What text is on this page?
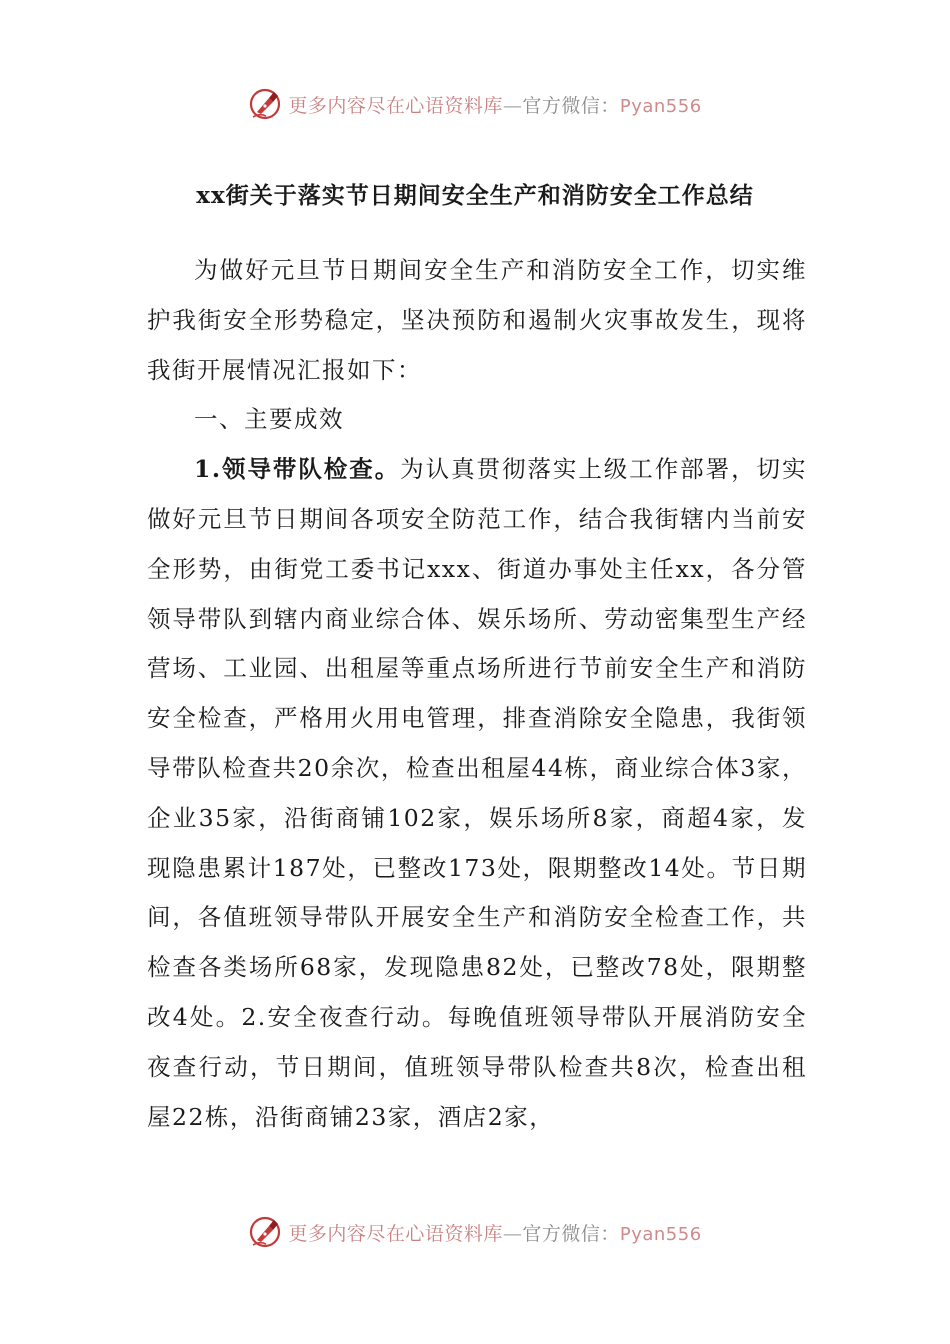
更多内容尽在心语资料库—官方微信：Pyan556
xx街关于落实节日期间安全生产和消防安全工作总结

为做好元旦节日期间安全生产和消防安全工作，切实维护我街安全形势稳定，坚决预防和遏制火灾事故发生，现将我街开展情况汇报如下：

一、主要成效

1.领导带队检查。为认真贯彻落实上级工作部署，切实做好元旦节日期间各项安全防范工作，结合我街辖内当前安全形势，由街党工委书记xxx、街道办事处主任xx，各分管领导带队到辖内商业综合体、娱乐场所、劳动密集型生产经营场、工业园、出租屋等重点场所进行节前安全生产和消防安全检查，严格用火用电管理，排查消除安全隐患，我街领导带队检查共20余次，检查出租屋44栋，商业综合体3家，企业35家，沿街商铺102家，娱乐场所8家，商超4家，发现隐患累计187处，已整改173处，限期整改14处。节日期间，各值班领导带队开展安全生产和消防安全检查工作，共检查各类场所68家，发现隐患82处，已整改78处，限期整改4处。2.安全夜查行动。每晚值班领导带队开展消防安全夜查行动，节日期间，值班领导带队检查共8次，检查出租屋22栋，沿街商铺23家，酒店2家，

更多内容尽在心语资料库—官方微信：Pyan556
